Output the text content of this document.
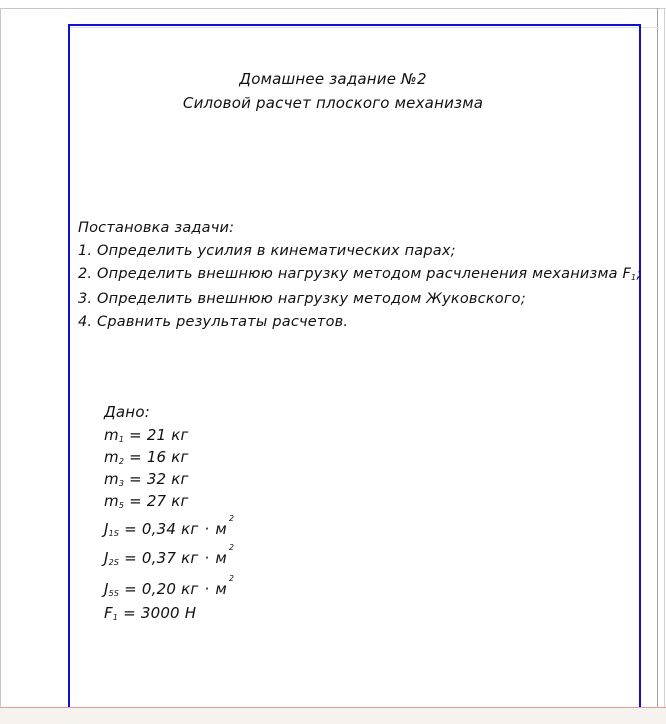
Домашнее задание №2

Силовой расчет плоского механизма

Постановка задачи:

1. Определить усилия в кинематических парах;

2. Определить внешнюю нагрузку методом расчленения механизма F1;

3. Определить внешнюю нагрузку методом Жуковского;

4. Сравнить результаты расчетов.

Дано:

m1 = 21 кг

m2 = 16 кг

m3 = 32 кг

m5 = 27 кг

J1S = 0,34 кг · $м^2$

J2S = 0,37 кг · $м^2$

J5S = 0,20 кг · $м^2$

F1 = 3000 Н
